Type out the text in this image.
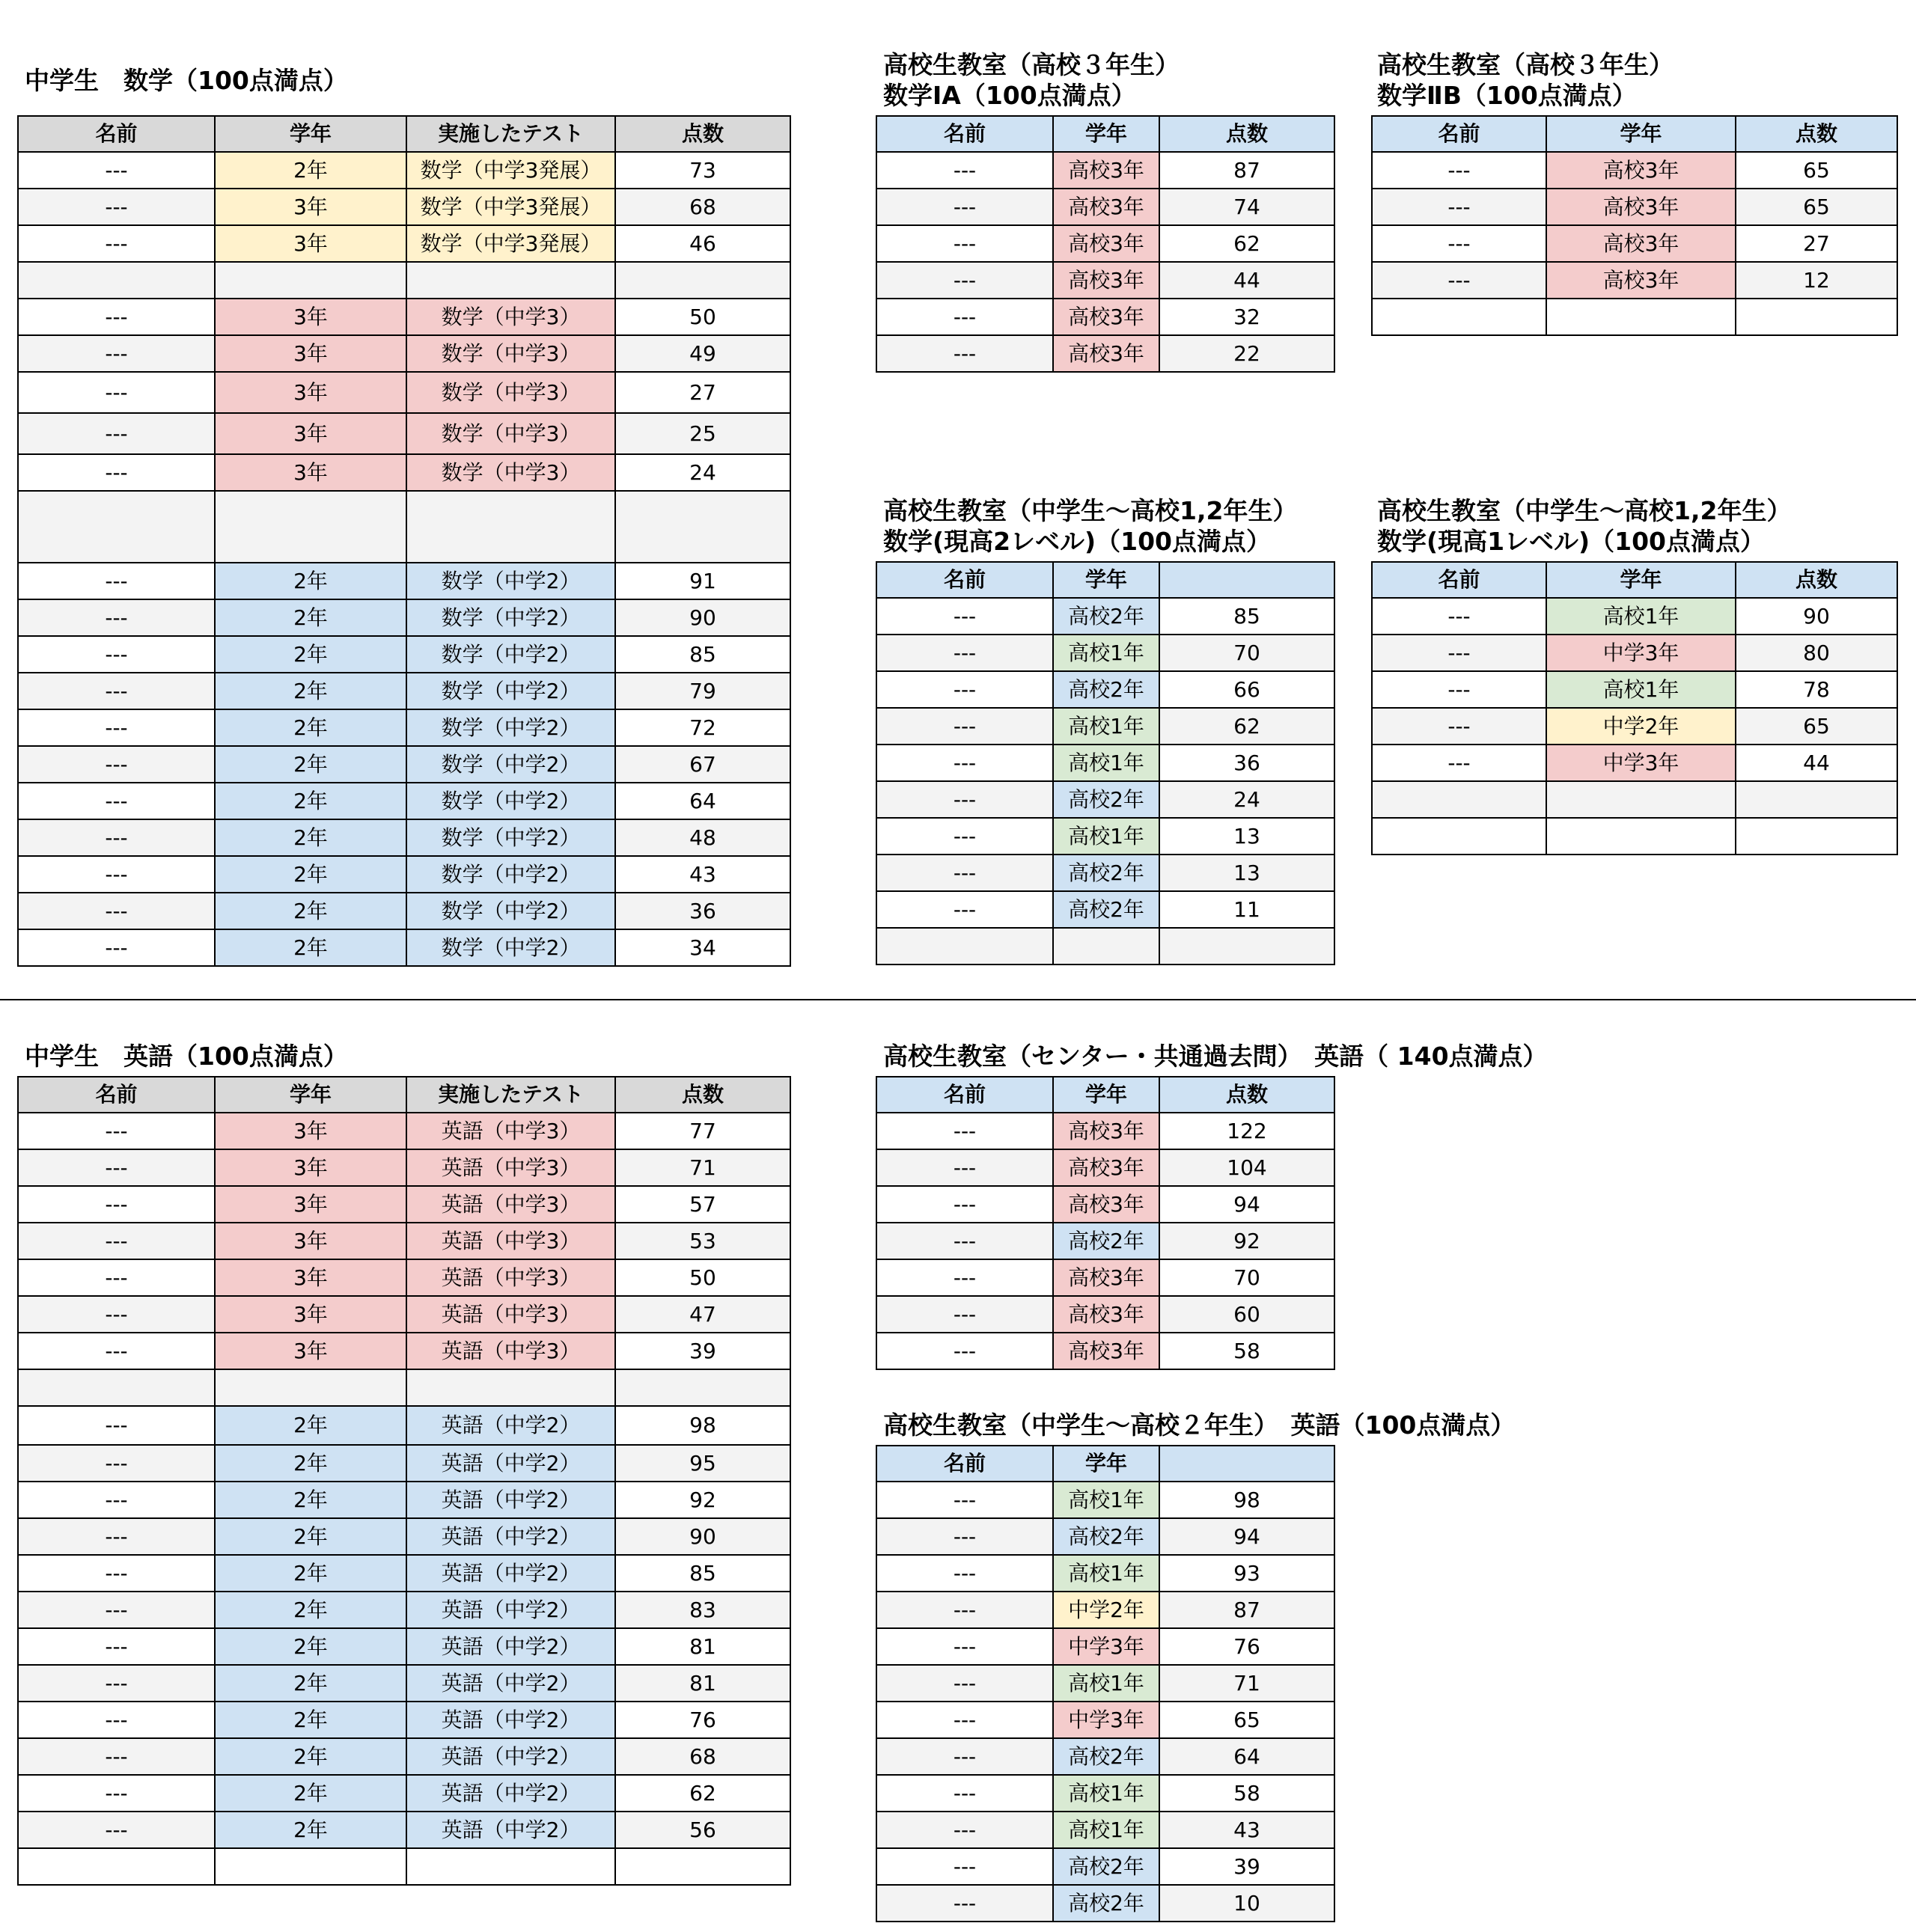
中学生　数学（100点満点）

高校生教室（高校３年生）
数学IA（100点満点）

高校生教室（高校３年生）
数学ⅡB（100点満点）

高校生教室（中学生～高校1,2年生）
数学(現高2レベル)（100点満点）

高校生教室（中学生～高校1,2年生）
数学(現高1レベル)（100点満点）

中学生　英語（100点満点）	高校生教室（センター・共通過去問）　英語（ 140点満点）

高校生教室（中学生～高校２年生）　英語（100点満点）

名前	学年	実施したテスト	点数
---	2年	数学（中学3発展）	73
---	3年	数学（中学3発展）	68
---	3年	数学（中学3発展）	46

---	3年	数学（中学3）	50
---	3年	数学（中学3）	49
---	3年	数学（中学3）	27
---	3年	数学（中学3）	25
---	3年	数学（中学3）	24

---	2年	数学（中学2）	91
---	2年	数学（中学2）	90
---	2年	数学（中学2）	85
---	2年	数学（中学2）	79
---	2年	数学（中学2）	72
---	2年	数学（中学2）	67
---	2年	数学（中学2）	64
---	2年	数学（中学2）	48
---	2年	数学（中学2）	43
---	2年	数学（中学2）	36
---	2年	数学（中学2）	34
名前	学年	点数
---	高校3年	87
---	高校3年	74
---	高校3年	62
---	高校3年	44
---	高校3年	32
---	高校3年	22
名前	学年	点数
---	高校3年	65
---	高校3年	65
---	高校3年	27
---	高校3年	12

名前	学年	
---	高校2年	85
---	高校1年	70
---	高校2年	66
---	高校1年	62
---	高校1年	36
---	高校2年	24
---	高校1年	13
---	高校2年	13
---	高校2年	11

名前	学年	点数
---	高校1年	90
---	中学3年	80
---	高校1年	78
---	中学2年	65
---	中学3年	44

名前	学年	実施したテスト	点数
---	3年	英語（中学3）	77
---	3年	英語（中学3）	71
---	3年	英語（中学3）	57
---	3年	英語（中学3）	53
---	3年	英語（中学3）	50
---	3年	英語（中学3）	47
---	3年	英語（中学3）	39

---	2年	英語（中学2）	98
---	2年	英語（中学2）	95
---	2年	英語（中学2）	92
---	2年	英語（中学2）	90
---	2年	英語（中学2）	85
---	2年	英語（中学2）	83
---	2年	英語（中学2）	81
---	2年	英語（中学2）	81
---	2年	英語（中学2）	76
---	2年	英語（中学2）	68
---	2年	英語（中学2）	62
---	2年	英語（中学2）	56

名前	学年	点数
---	高校3年	122
---	高校3年	104
---	高校3年	94
---	高校2年	92
---	高校3年	70
---	高校3年	60
---	高校3年	58
名前	学年	
---	高校1年	98
---	高校2年	94
---	高校1年	93
---	中学2年	87
---	中学3年	76
---	高校1年	71
---	中学3年	65
---	高校2年	64
---	高校1年	58
---	高校1年	43
---	高校2年	39
---	高校2年	10
